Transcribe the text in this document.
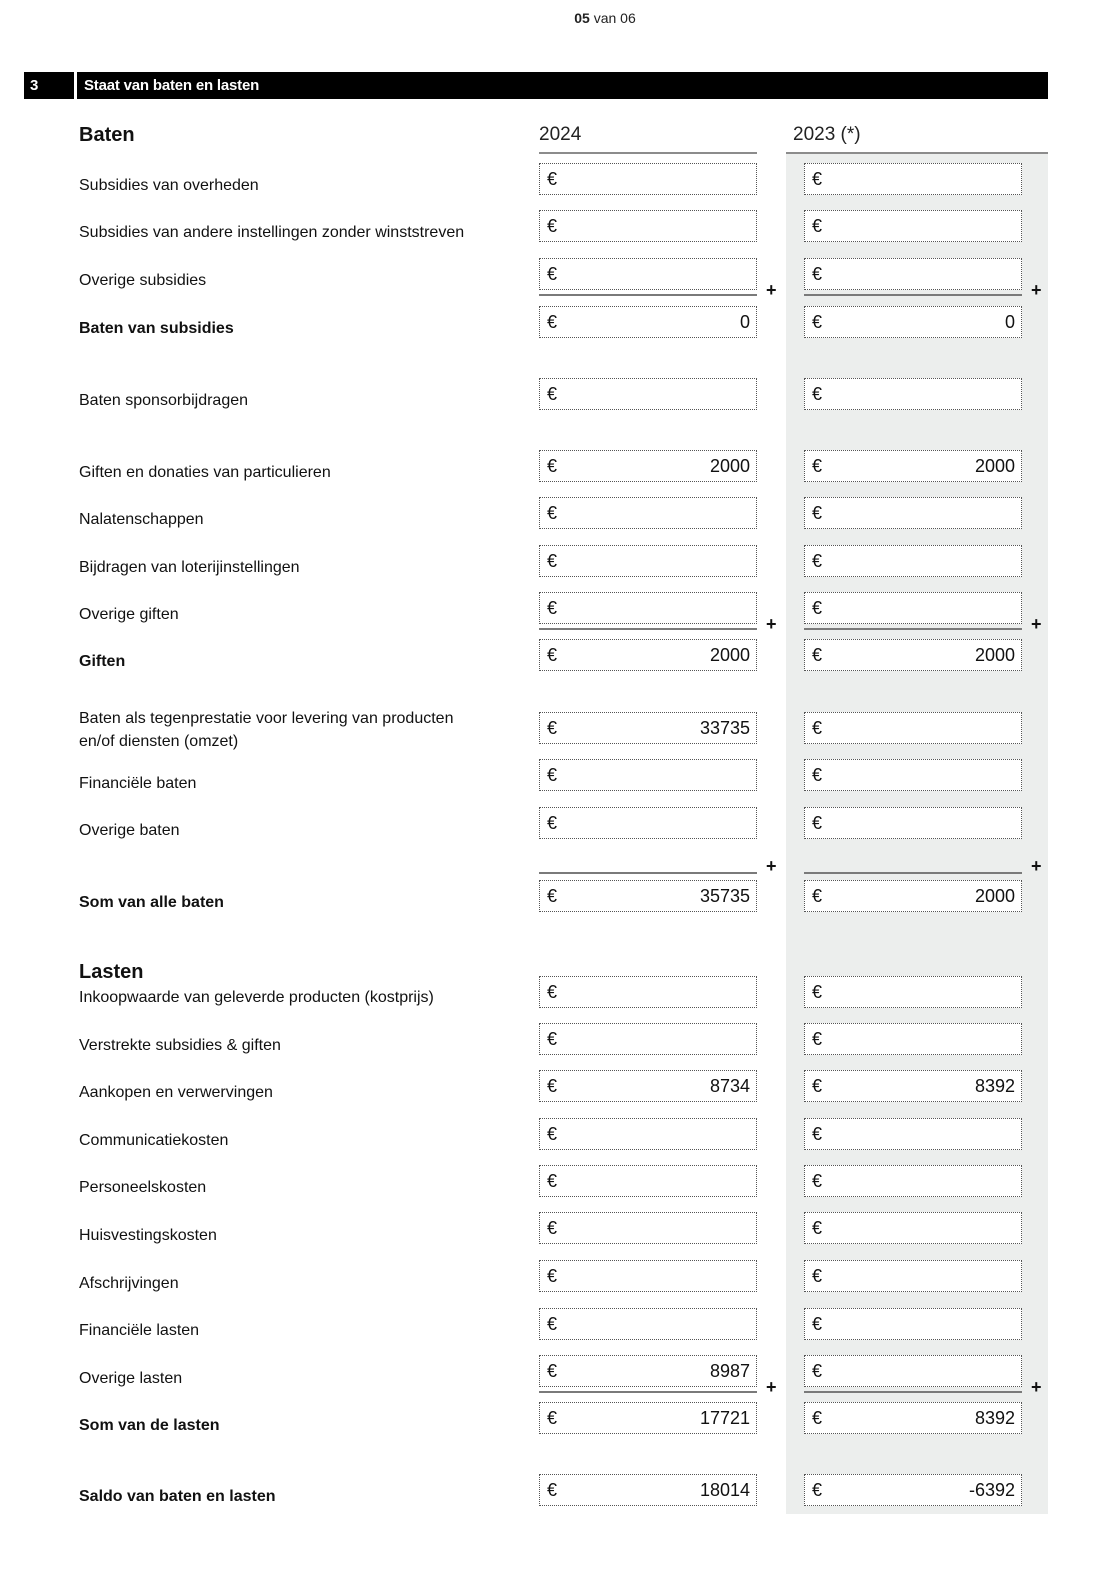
05 van 06
3	Staat van baten en lasten
2024	2023 (*)
Baten
Subsidies van overheden	€	€
Subsidies van andere instellingen zonder winststreven	€	€
Overige subsidies	€	€
+	+
Baten van subsidies	€	0	€	0
Baten sponsorbijdragen	€	€
Giften en donaties van particulieren	€	2000	€	2000
Nalatenschappen	€	€
Bijdragen van loterijinstellingen	€	€
Overige giften	€	€
+	+
Giften	€	2000	€	2000
Baten als tegenprestatie voor levering van producten
en/of diensten (omzet)
€	33735	€
Financiële baten	€	€
Overige baten	€	€
+	+
Som van alle baten	€	35735	€	2000
Lasten
Inkoopwaarde van geleverde producten (kostprijs)	€	€
Verstrekte subsidies & giften	€	€
Aankopen en verwervingen	€	8734	€	8392
Communicatiekosten	€	€
Personeelskosten	€	€
Huisvestingskosten	€	€
Afschrijvingen	€	€
Financiële lasten	€	€
Overige lasten	€	8987	€
+	+
Som van de lasten	€	17721	€	8392
Saldo van baten en lasten	€	18014	€	-6392
